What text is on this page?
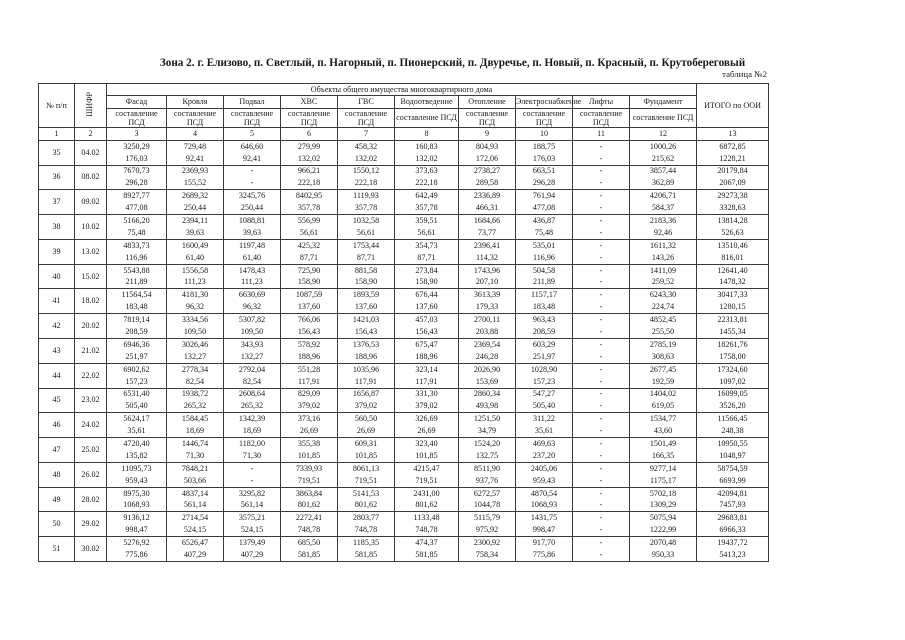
Зона 2. г. Елизово, п. Светлый, п. Нагорный, п. Пионерский, п. Двуречье, п. Новый, п. Красный, п. Крутобереговый
таблица №2
№ п/п	ШИФР	Объекты общего имущества многоквартирного дома										ИТОГО по ООИ
		Фасад	Кровля	Подвал	ХВС	ГВС	Водоотведение	Отопление	Электроснабжение	Лифты	Фундамент	
		составление ПСД	составление ПСД	составление ПСД	составление ПСД	составление ПСД	составление ПСД	составление ПСД	составление ПСД	составление ПСД	составление ПСД	
1	2	3	4	5	6	7	8	9	10	11	12	13
35	04.02	3250,29	729,48	646,60	279,99	458,32	160,83	804,93	188,75	-	1000,26	6872,85
		176,03	92,41	92,41	132,02	132,02	132,02	172,06	176,03	-	215,62	1228,21
36	08.02	7670,73	2369,93	-	966,21	1550,12	373,63	2738,27	663,51	-	3857,44	20179,84
		296,28	155,52	-	222,18	222,18	222,18	289,58	296,28	-	362,89	2067,09
37	09.02	8927,77	2689,32	3245,76	8402,95	1119,93	642,49	2336,89	761,94	-	4206,71	29273,38
		477,08	250,44	250,44	357,78	357,78	357,78	466,31	477,08	-	584,37	3328,63
38	10.02	5166,20	2394,11	1088,81	556,99	1032,58	359,51	1684,66	436,87	-	2183,36	13814,28
		75,48	39,63	39,63	56,61	56,61	56,61	73,77	75,48	-	92,46	526,63
39	13.02	4833,73	1600,49	1197,48	425,32	1753,44	354,73	2396,41	535,01	-	1611,32	13510,46
		116,96	61,40	61,40	87,71	87,71	87,71	114,32	116,96	-	143,26	816,01
40	15.02	5543,88	1556,58	1478,43	725,90	881,58	273,84	1743,96	504,58	-	1411,09	12641,40
		211,89	111,23	111,23	158,90	158,90	158,90	207,10	211,89	-	259,52	1478,32
41	18.02	11564,54	4181,30	6630,69	1087,59	1893,59	676,44	3613,39	1157,17	-	6243,30	30417,33
		183,48	96,32	96,32	137,60	137,60	137,60	179,33	183,48	-	224,74	1280,15
42	20.02	7819,14	3334,56	5307,82	766,06	1421,03	457,03	2700,11	963,43	-	4852,45	22313,81
		208,59	109,50	109,50	156,43	156,43	156,43	203,88	208,59	-	255,50	1455,34
43	21.02	6946,36	3026,46	343,93	578,92	1376,53	675,47	2369,54	603,29	-	2785,19	18261,76
		251,97	132,27	132,27	188,96	188,96	188,96	246,28	251,97	-	308,63	1758,00
44	22.02	6902,62	2778,34	2792,04	551,28	1035,96	323,14	2026,90	1028,90	-	2677,45	17324,60
		157,23	82,54	82,54	117,91	117,91	117,91	153,69	157,23	-	192,59	1097,02
45	23.02	6531,40	1938,72	2608,64	829,09	1656,87	331,30	2860,34	547,27	-	1404,02	16099,05
		505,40	265,32	265,32	379,02	379,02	379,02	493,98	505,40	-	619,05	3526,20
46	24.02	5624,17	1584,45	1342,39	373,16	560,50	326,69	1251,50	311,22	-	1534,77	11566,45
		35,61	18,69	18,69	26,69	26,69	26,69	34,79	35,61	-	43,60	248,38
47	25.02	4720,40	1446,74	1182,00	355,38	609,31	323,40	1524,20	469,63	-	1501,49	10950,55
		135,82	71,30	71,30	101,85	101,85	101,85	132,75	237,20	-	166,35	1048,97
48	26.02	11095,73	7848,21	-	7339,93	8061,13	4215,47	8511,90	2405,06	-	9277,14	58754,59
		959,43	503,66	-	719,51	719,51	719,51	937,76	959,43	-	1175,17	6693,99
49	28.02	8975,30	4837,14	3295,82	3863,84	5141,53	2431,00	6272,57	4870,54	-	5702,18	42094,81
		1068,93	561,14	561,14	801,62	801,62	801,62	1044,78	1068,93	-	1309,29	7457,93
50	29.02	9136,12	2714,54	3575,21	2272,41	2803,77	1133,48	5115,79	1431,75	-	5075,94	29683,81
		998,47	524,15	524,15	748,78	748,78	748,78	975,92	998,47	-	1222,99	6966,33
51	30.02	5276,92	6526,47	1379,49	685,50	1185,35	474,37	2300,92	917,70	-	2070,48	19437,72
		775,86	407,29	407,29	581,85	581,85	581,85	758,34	775,86	-	950,33	5413,23
